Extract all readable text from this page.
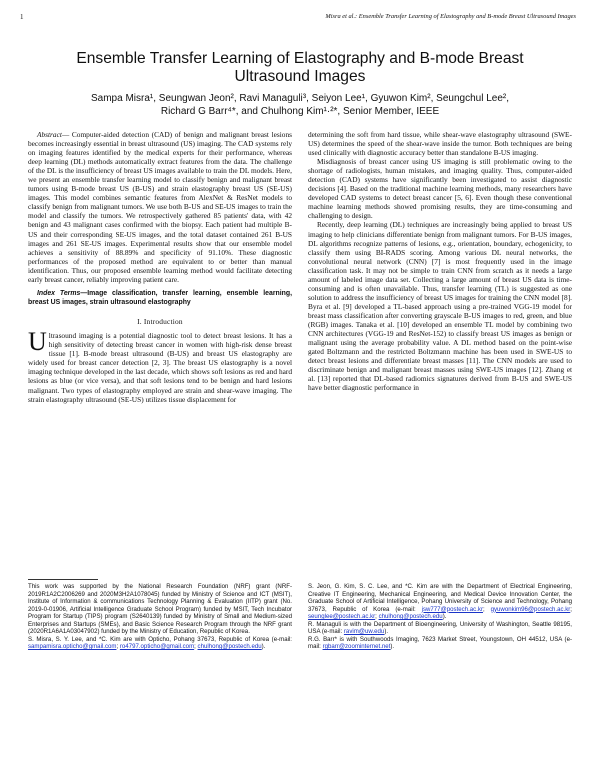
1	Misra et al.: Ensemble Transfer Learning of Elastography and B-mode Breast Ultrasound Images
Ensemble Transfer Learning of Elastography and B-mode Breast Ultrasound Images
Sampa Misra¹, Seungwan Jeon², Ravi Managuli³, Seiyon Lee¹, Gyuwon Kim², Seungchul Lee²,
Richard G Barr⁴*, and Chulhong Kim¹·²*, Senior Member, IEEE

Abstract— Computer-aided detection (CAD) of benign and malignant breast lesions becomes increasingly essential in breast ultrasound (US) imaging. The CAD systems rely on imaging features identified by the medical experts for their performance, whereas deep learning (DL) methods automatically extract features from the data. The challenge of the DL is the insufficiency of breast US images available to train the DL models. Here, we present an ensemble transfer learning model to classify benign and malignant breast tumors using B-mode breast US (B-US) and strain elastography breast US (SE-US) images. This model combines semantic features from AlexNet & ResNet models to classify benign from malignant tumors. We use both B-US and SE-US images to train the model and classify the tumors. We retrospectively gathered 85 patients' data, with 42 benign and 43 malignant cases confirmed with the biopsy. Each patient had multiple B-US and their corresponding SE-US images, and the total dataset contained 261 B-US images and 261 SE-US images. Experimental results show that our ensemble model achieves a sensitivity of 88.89% and specificity of 91.10%. These diagnostic performances of the proposed method are equivalent to or better than manual identification. Thus, our proposed ensemble learning method would facilitate detecting early breast cancer, reliably improving patient care.

Index Terms—Image classification, transfer learning, ensemble learning, breast US images, strain ultrasound elastography

I. Introduction

Ultrasound imaging is a potential diagnostic tool to detect breast lesions. It has a high sensitivity of detecting breast cancer in women with high-risk dense breast tissue [1]. B-mode breast ultrasound (B-US) and breast US elastography are widely used for breast cancer detection [2, 3]. The breast US elastography is a novel imaging technique developed in the last decade, which shows soft lesions as red and hard lesions as blue (or vice versa), and that soft lesions tend to be benign and hard lesions malignant. Two types of elastography employed are strain and shear-wave imaging. The strain elastography ultrasound (SE-US) utilizes tissue displacement for

determining the soft from hard tissue, while shear-wave elastography ultrasound (SWE-US) determines the speed of the shear-wave inside the tumor. Both techniques are being used clinically with diagnostic accuracy better than standalone B-US imaging.

Misdiagnosis of breast cancer using US imaging is still problematic owing to the shortage of radiologists, human mistakes, and imaging quality. Thus, computer-aided detection (CAD) systems have significantly been investigated to assist diagnostic decisions [4]. Based on the traditional machine learning methods, many researchers have developed CAD systems to detect breast cancer [5, 6]. Even though these conventional machine learning methods showed promising results, they are time-consuming and challenging to design.

Recently, deep learning (DL) techniques are increasingly being applied to breast US imaging to help clinicians differentiate benign from malignant tumors. For B-US images, DL algorithms recognize patterns of lesions, e.g., orientation, boundary, echogenicity, to classify them using BI-RADS scoring. Among various DL neural networks, the convolutional neural network (CNN) [7] is most frequently used in the image classification task. It may not be simple to train CNN from scratch as it needs a large amount of labeled image data set. Collecting a large amount of breast US data is time-consuming and is often unavailable. Thus, transfer learning (TL) is suggested as one solution to address the insufficiency of breast US images for training the CNN model [8]. Byra et al. [9] developed a TL-based approach using a pre-trained VGG-19 model for breast mass classification after converting grayscale B-US images to red, green, and blue (RGB) images. Tanaka et al. [10] developed an ensemble TL model by combining two CNN architectures (VGG-19 and ResNet-152) to classify breast US images as benign or malignant using the average probability value. A DL method based on the point-wise gated Boltzmann and the restricted Boltzmann machine has been used in SWE-US to detect breast lesions and differentiate breast masses [11]. The CNN models are used to discriminate benign and malignant breast masses using SWE-US images [12]. Zhang et al. [13] reported that DL-based radiomics signatures derived from B-US and SWE-US have better diagnostic performance in

This work was supported by the National Research Foundation (NRF) grant (NRF-2019R1A2C2006269 and 2020M3H2A1078045) funded by Ministry of Science and ICT (MSIT), Institute of Information & communications Technology Planning & Evaluation (IITP) grant (No. 2019-0-01906, Artificial Intelligence Graduate School Program) funded by MSIT, Tech Incubator Program for Startup (TIPS) program (S2640139) funded by Ministry of Small and Medium-sized Enterprises and Startups (SMEs), and Basic Science Research Program through the NRF grant (2020R1A6A1A03047902) funded by the Ministry of Education, Republic of Korea.

S. Misra, S. Y. Lee, and *C. Kim are with Opticho, Pohang 37673, Republic of Korea (e-mail: sampamisra.opticho@gmail.com; ro4797.opticho@gmail.com; chulhong@postech.edu).

S. Jeon, G. Kim, S. C. Lee, and *C. Kim are with the Department of Electrical Engineering, Creative IT Engineering, Mechanical Engineering, and Medical Device Innovation Center, the Graduate School of Artificial Intelligence, Pohang University of Science and Technology, Pohang 37673, Republic of Korea (e-mail: jsw777@postech.ac.kr; gyuwonkim96@postech.ac.kr; seunglee@postech.ac.kr; chulhong@postech.edu).

R. Managuli is with the Department of Bioengineering, University of Washington, Seattle 98195, USA (e-mail: ravim@uw.edu).

R.G. Barr* is with Southwoods Imaging, 7623 Market Street, Youngstown, OH 44512, USA (e-mail: rgbarr@zoominternet.net).
